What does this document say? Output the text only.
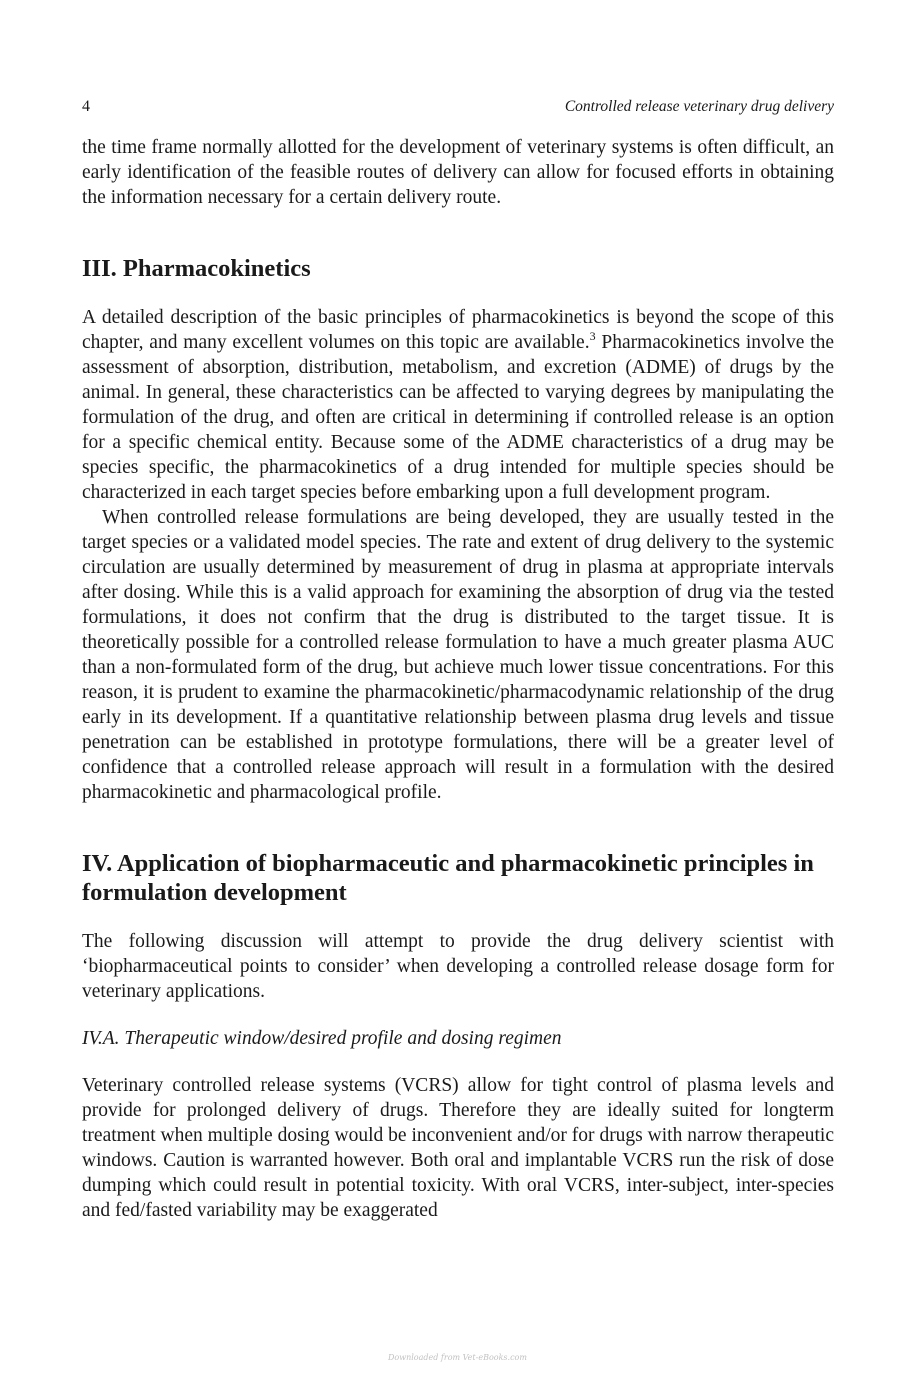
4	Controlled release veterinary drug delivery

the time frame normally allotted for the development of veterinary systems is often difficult, an early identification of the feasible routes of delivery can allow for focused efforts in obtaining the information necessary for a certain delivery route.

III. Pharmacokinetics

A detailed description of the basic principles of pharmacokinetics is beyond the scope of this chapter, and many excellent volumes on this topic are available.$^3$ Pharmacokinetics involve the assessment of absorption, distribution, metabolism, and excretion (ADME) of drugs by the animal. In general, these characteristics can be affected to varying degrees by manipulating the formulation of the drug, and often are critical in determining if controlled release is an option for a specific chemical entity. Because some of the ADME characteristics of a drug may be species specific, the pharmacokinetics of a drug intended for multiple species should be characterized in each target species before embarking upon a full development program.

When controlled release formulations are being developed, they are usually tested in the target species or a validated model species. The rate and extent of drug delivery to the systemic circulation are usually determined by measurement of drug in plasma at appropriate intervals after dosing. While this is a valid approach for examining the absorption of drug via the tested formulations, it does not confirm that the drug is distributed to the target tissue. It is theoretically possible for a controlled release formulation to have a much greater plasma AUC than a non-formulated form of the drug, but achieve much lower tissue concentrations. For this reason, it is prudent to examine the pharmacokinetic/pharmacodynamic relationship of the drug early in its development. If a quantitative relationship between plasma drug levels and tissue penetration can be established in prototype formulations, there will be a greater level of confidence that a controlled release approach will result in a formulation with the desired pharmacokinetic and pharmacological profile.

IV. Application of biopharmaceutic and pharmacokinetic principles in formulation development

The following discussion will attempt to provide the drug delivery scientist with ‘biopharmaceutical points to consider’ when developing a controlled release dosage form for veterinary applications.

IV.A. Therapeutic window/desired profile and dosing regimen

Veterinary controlled release systems (VCRS) allow for tight control of plasma levels and provide for prolonged delivery of drugs. Therefore they are ideally suited for longterm treatment when multiple dosing would be inconvenient and/or for drugs with narrow therapeutic windows. Caution is warranted however. Both oral and implantable VCRS run the risk of dose dumping which could result in potential toxicity. With oral VCRS, inter-subject, inter-species and fed/fasted variability may be exaggerated

Downloaded from Vet-eBooks.com
